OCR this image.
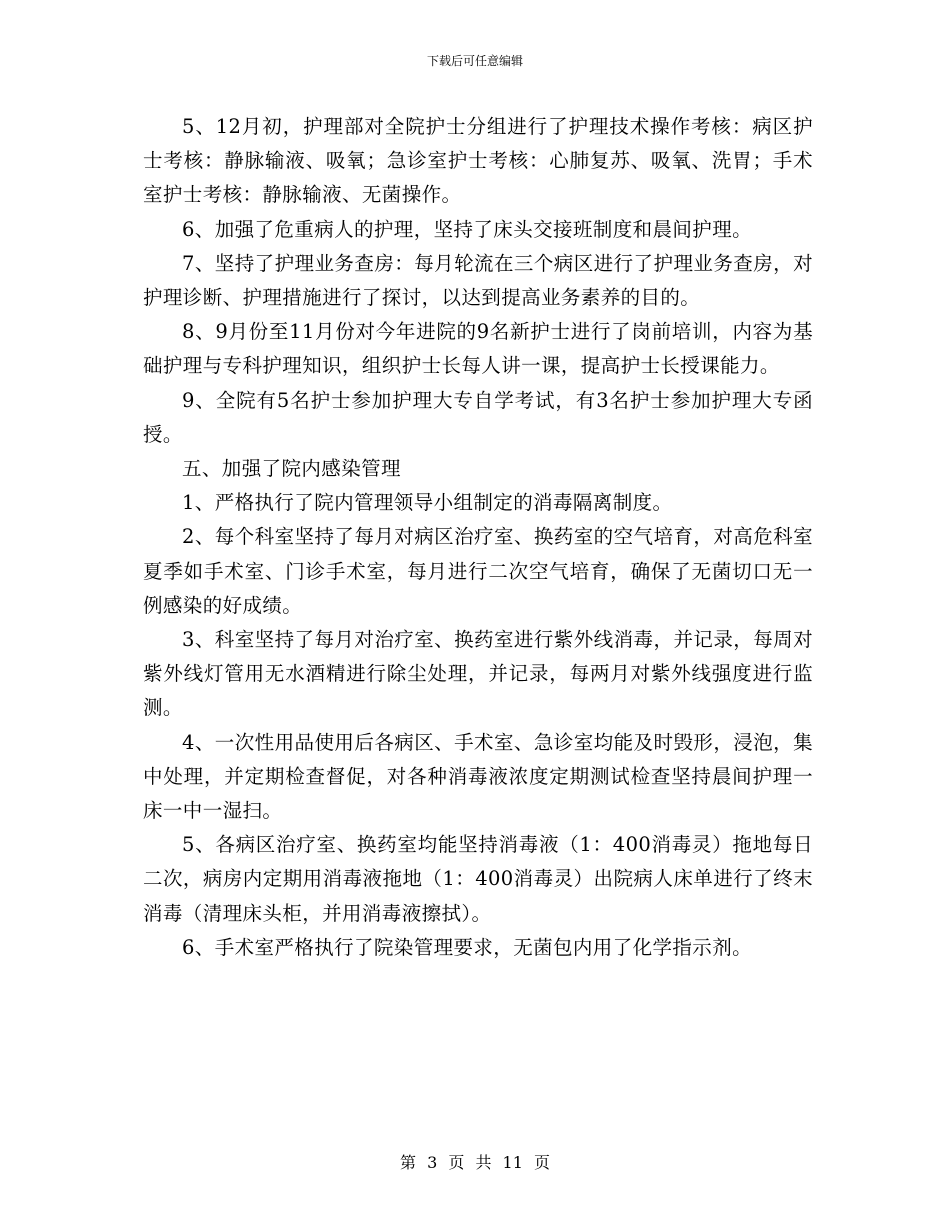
下载后可任意编辑

5、12月初，护理部对全院护士分组进行了护理技术操作考核：病区护士考核：静脉输液、吸氧；急诊室护士考核：心肺复苏、吸氧、洗胃；手术室护士考核：静脉输液、无菌操作。

6、加强了危重病人的护理，坚持了床头交接班制度和晨间护理。

7、坚持了护理业务查房：每月轮流在三个病区进行了护理业务查房，对护理诊断、护理措施进行了探讨，以达到提高业务素养的目的。

8、9月份至11月份对今年进院的9名新护士进行了岗前培训，内容为基础护理与专科护理知识，组织护士长每人讲一课，提高护士长授课能力。

9、全院有5名护士参加护理大专自学考试，有3名护士参加护理大专函授。

五、加强了院内感染管理

1、严格执行了院内管理领导小组制定的消毒隔离制度。

2、每个科室坚持了每月对病区治疗室、换药室的空气培育，对高危科室夏季如手术室、门诊手术室，每月进行二次空气培育，确保了无菌切口无一例感染的好成绩。

3、科室坚持了每月对治疗室、换药室进行紫外线消毒，并记录，每周对紫外线灯管用无水酒精进行除尘处理，并记录，每两月对紫外线强度进行监测。

4、一次性用品使用后各病区、手术室、急诊室均能及时毁形，浸泡，集中处理，并定期检查督促，对各种消毒液浓度定期测试检查坚持晨间护理一床一中一湿扫。

5、各病区治疗室、换药室均能坚持消毒液（1：400消毒灵）拖地每日二次，病房内定期用消毒液拖地（1：400消毒灵）出院病人床单进行了终末消毒（清理床头柜，并用消毒液擦拭）。

6、手术室严格执行了院染管理要求，无菌包内用了化学指示剂。

第 3 页 共 11 页
